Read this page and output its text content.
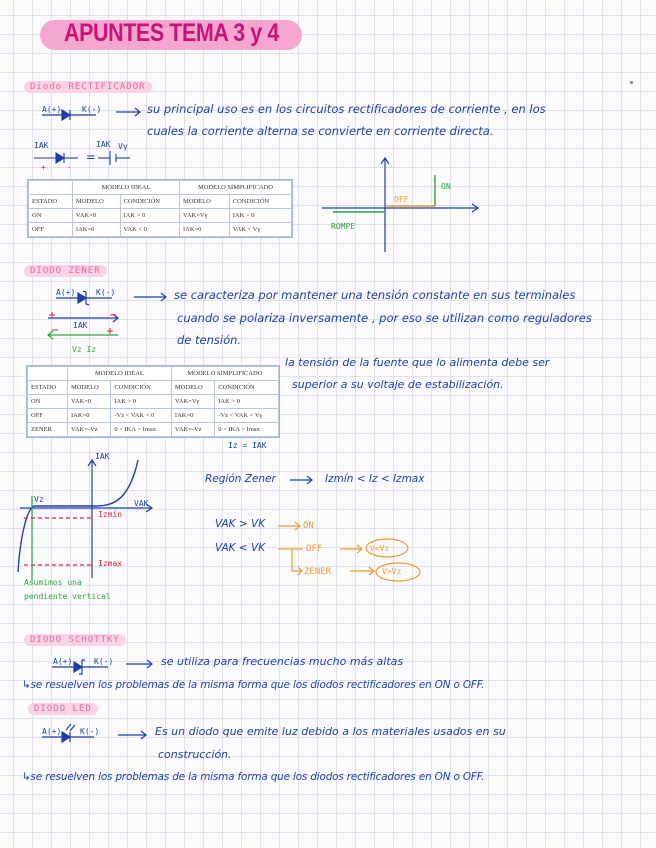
APUNTES TEMA 3 y 4
Diodo RECTIFICADOR
A(+)	K(-)	su principal uso es en los circuitos rectificadores de corriente , en los
cuales la corriente alterna se convierte en corriente directa.
IAK	IAK Vγ
+	-
=
	MODELO IDEAL		MODELO SIMPLIFICADO	
ESTADO	MODELO	CONDICIÓN	MODELO	CONDICIÓN
ON	VAK=0	IAK > 0	VAK=Vγ	IAK > 0
OFF	IAK=0	VAK < 0	IAK=0	VAK < Vγ
ON
OFF
ROMPE
DIODO ZENER
A(+)	K(-)	se caracteriza por mantener una tensión constante en sus terminales
cuando se polariza inversamente , por eso se utilizan como reguladores
de tensión.
IAK
Vz Iz
la tensión de la fuente que lo alimenta debe ser
superior a su voltaje de estabilización.
	MODELO IDEAL		MODELO SIMPLIFICADO	
ESTADO	MODELO	CONDICIÓN	MODELO	CONDICIÓN
ON	VAK=0	IAK > 0	VAK=Vγ	IAK > 0
OFF	IAK=0	-Vz < VAK < 0	IAK=0	-Vz < VAK < Vγ
ZENER	VAK=-Vz	0 > IKA > Imax	VAK=-Vz	0 > IKA > Imax
Iz = IAK
IAK
VAK
Vz
Izmín
Izmax
Asumimos una
pendiente vertical
Región Zener	Izmín < Iz < Izmax
VAK > VK	ON
VAK < VK	OFF	V<Vz
ZENER	V>Vz
DIODO SCHOTTKY
A(+)	K(-)	se utiliza para frecuencias mucho más altas
↳se resuelven los problemas de la misma forma que los diodos rectificadores en ON o OFF.
DIODO LED
A(+) K(-)	Es un diodo que emite luz debido a los materiales usados en su
construcción.
↳se resuelven los problemas de la misma forma que los diodos rectificadores en ON o OFF.
